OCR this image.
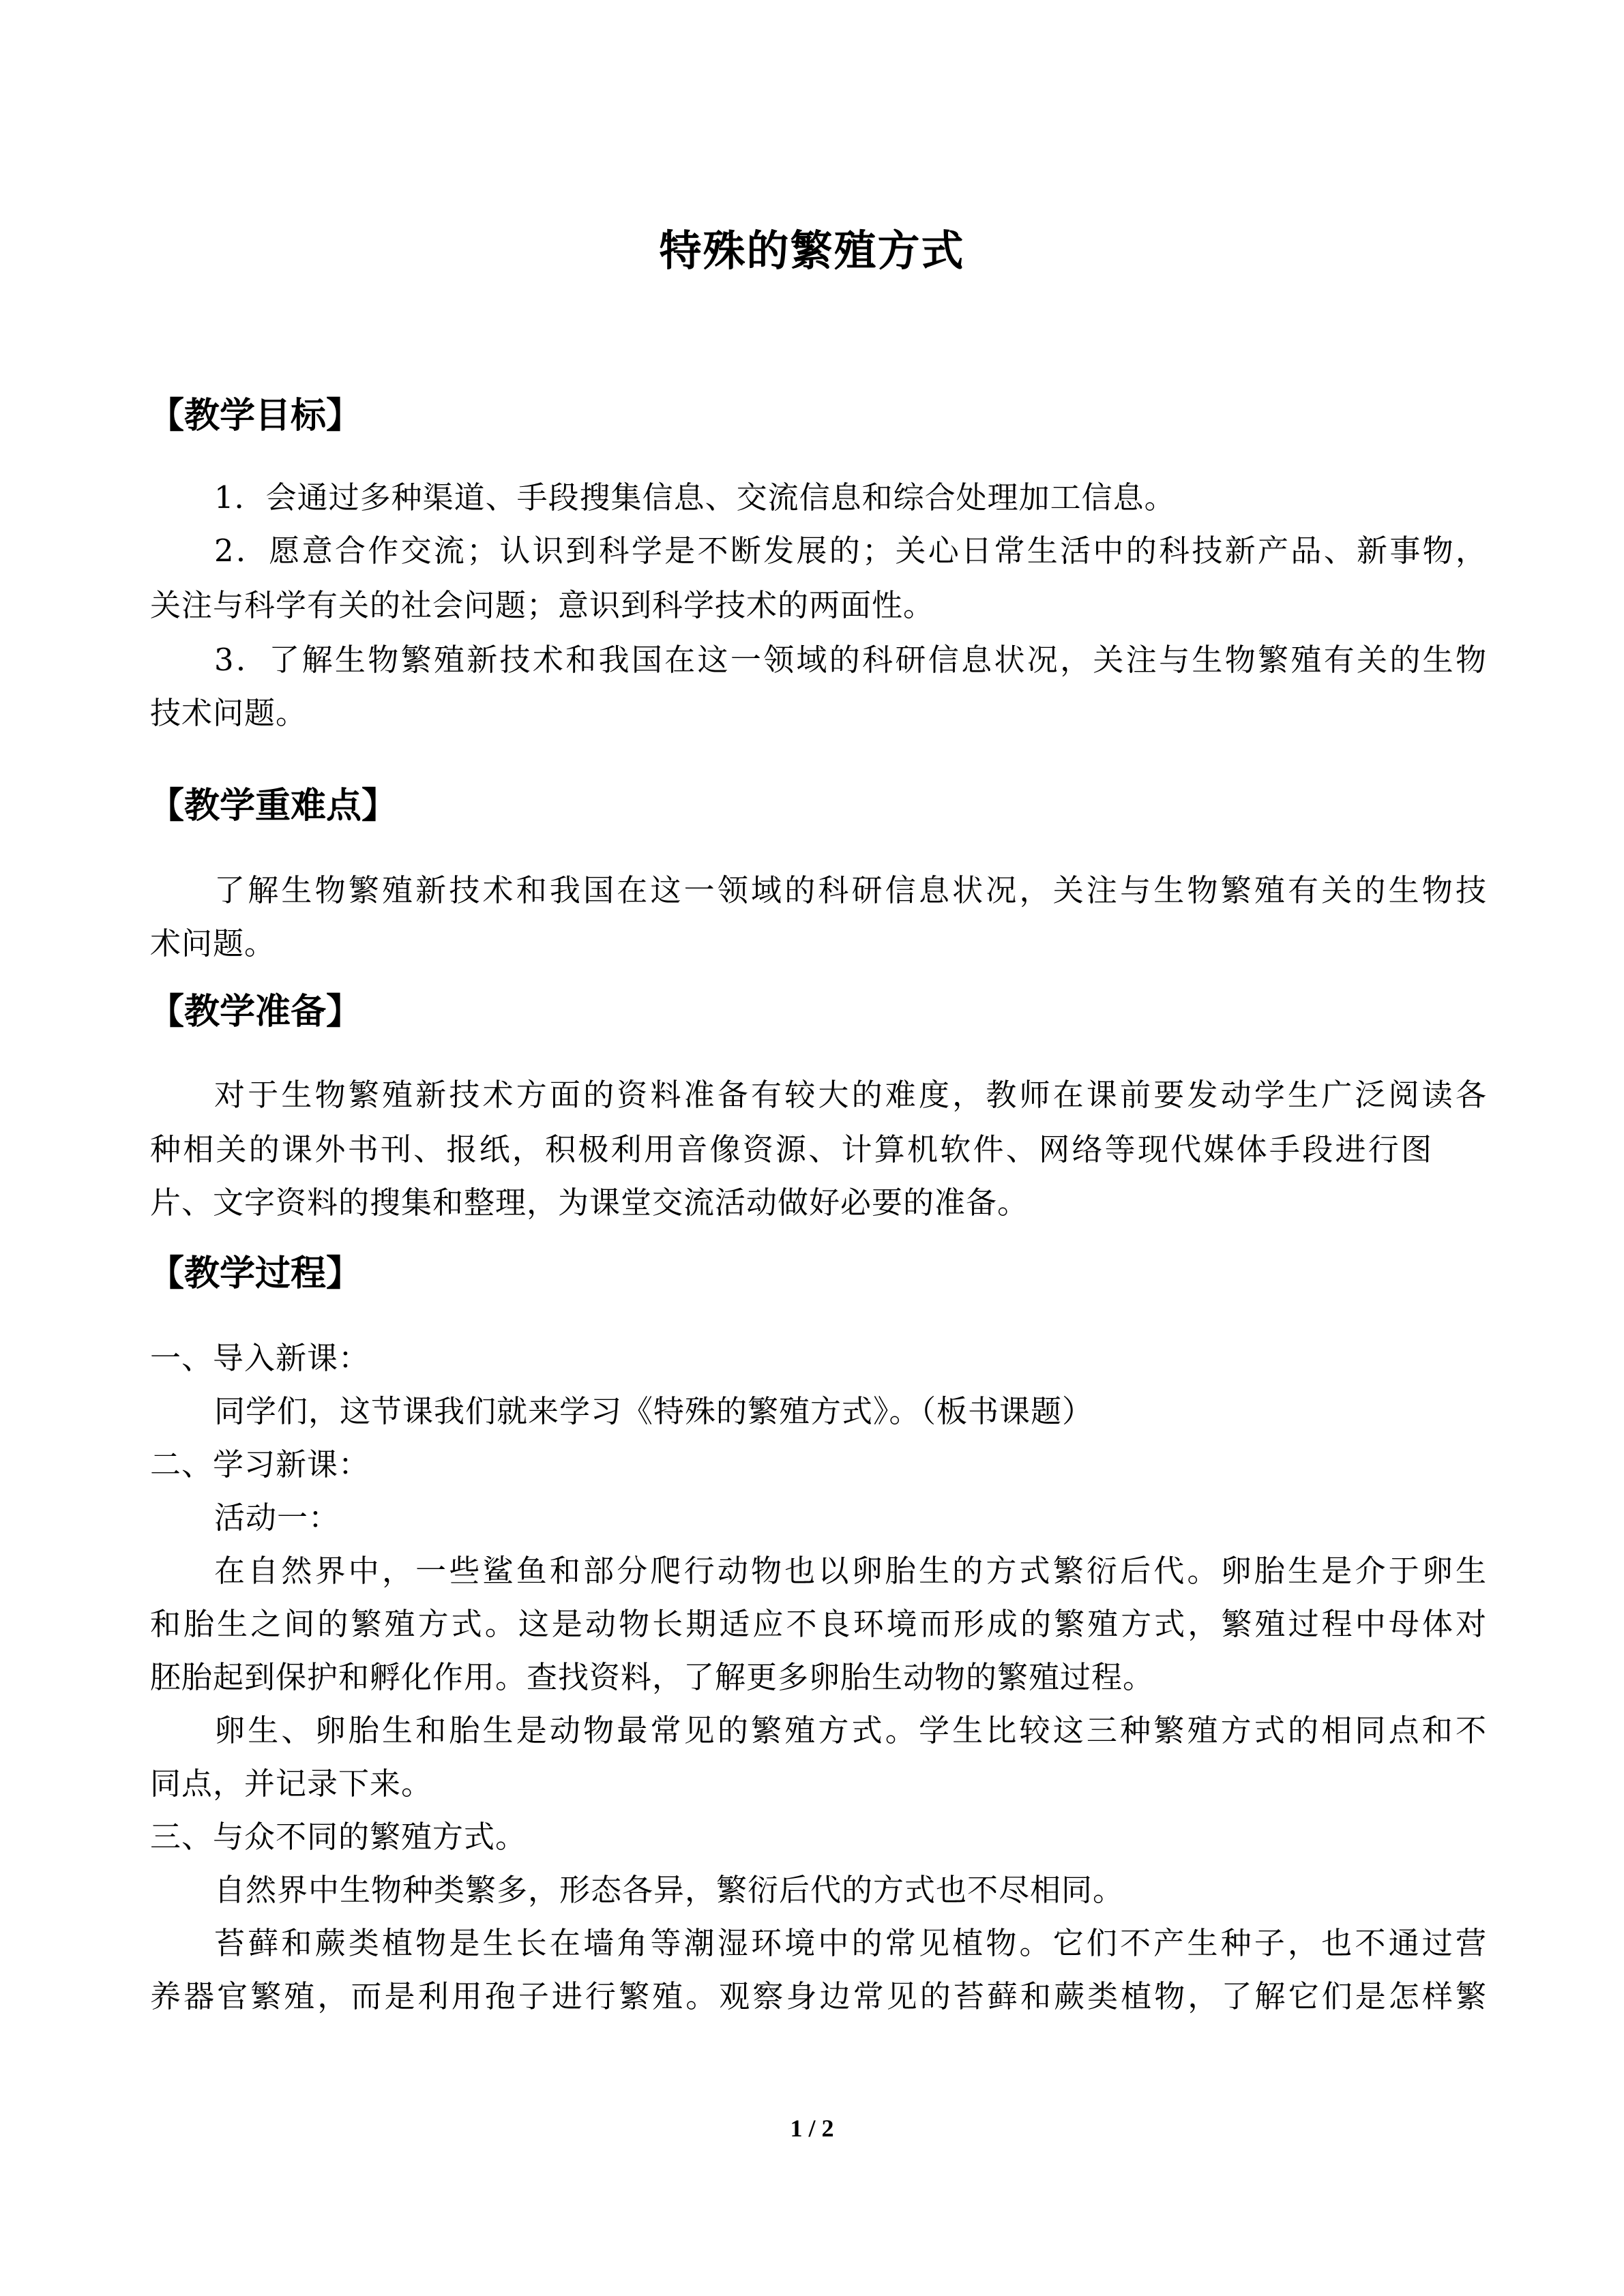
特殊的繁殖方式
【教学目标】
1．会通过多种渠道、手段搜集信息、交流信息和综合处理加工信息。
2．愿意合作交流；认识到科学是不断发展的；关心日常生活中的科技新产品、新事物，
关注与科学有关的社会问题；意识到科学技术的两面性。
3．了解生物繁殖新技术和我国在这一领域的科研信息状况，关注与生物繁殖有关的生物
技术问题。
【教学重难点】
了解生物繁殖新技术和我国在这一领域的科研信息状况，关注与生物繁殖有关的生物技
术问题。
【教学准备】
对于生物繁殖新技术方面的资料准备有较大的难度，教师在课前要发动学生广泛阅读各
种相关的课外书刊、报纸，积极利用音像资源、计算机软件、网络等现代媒体手段进行图
片、文字资料的搜集和整理，为课堂交流活动做好必要的准备。
【教学过程】
一、导入新课：
同学们，这节课我们就来学习《特殊的繁殖方式》。（板书课题）
二、学习新课：
活动一：
在自然界中，一些鲨鱼和部分爬行动物也以卵胎生的方式繁衍后代。卵胎生是介于卵生
和胎生之间的繁殖方式。这是动物长期适应不良环境而形成的繁殖方式，繁殖过程中母体对
胚胎起到保护和孵化作用。查找资料，了解更多卵胎生动物的繁殖过程。
卵生、卵胎生和胎生是动物最常见的繁殖方式。学生比较这三种繁殖方式的相同点和不
同点，并记录下来。
三、与众不同的繁殖方式。
自然界中生物种类繁多，形态各异，繁衍后代的方式也不尽相同。
苔藓和蕨类植物是生长在墙角等潮湿环境中的常见植物。它们不产生种子，也不通过营
养器官繁殖，而是利用孢子进行繁殖。观察身边常见的苔藓和蕨类植物，了解它们是怎样繁
1 / 2
